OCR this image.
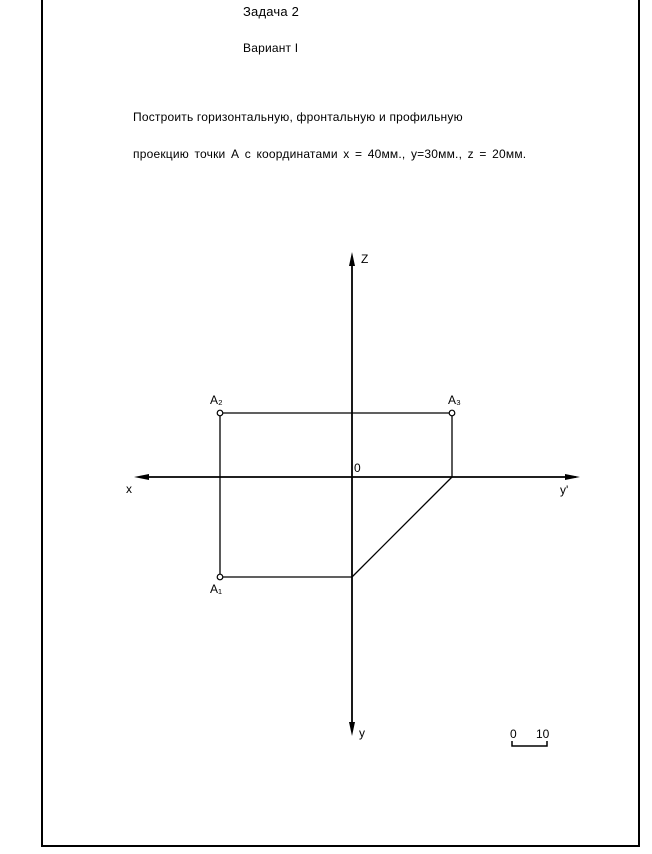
Задача 2
Вариант I
Построить горизонтальную, фронтальную и профильную
проекцию точки А с координатами x = 40мм., y=30мм., z = 20мм.
Z
x	y'
y
0
A₂	A₃
A₁
0 10
